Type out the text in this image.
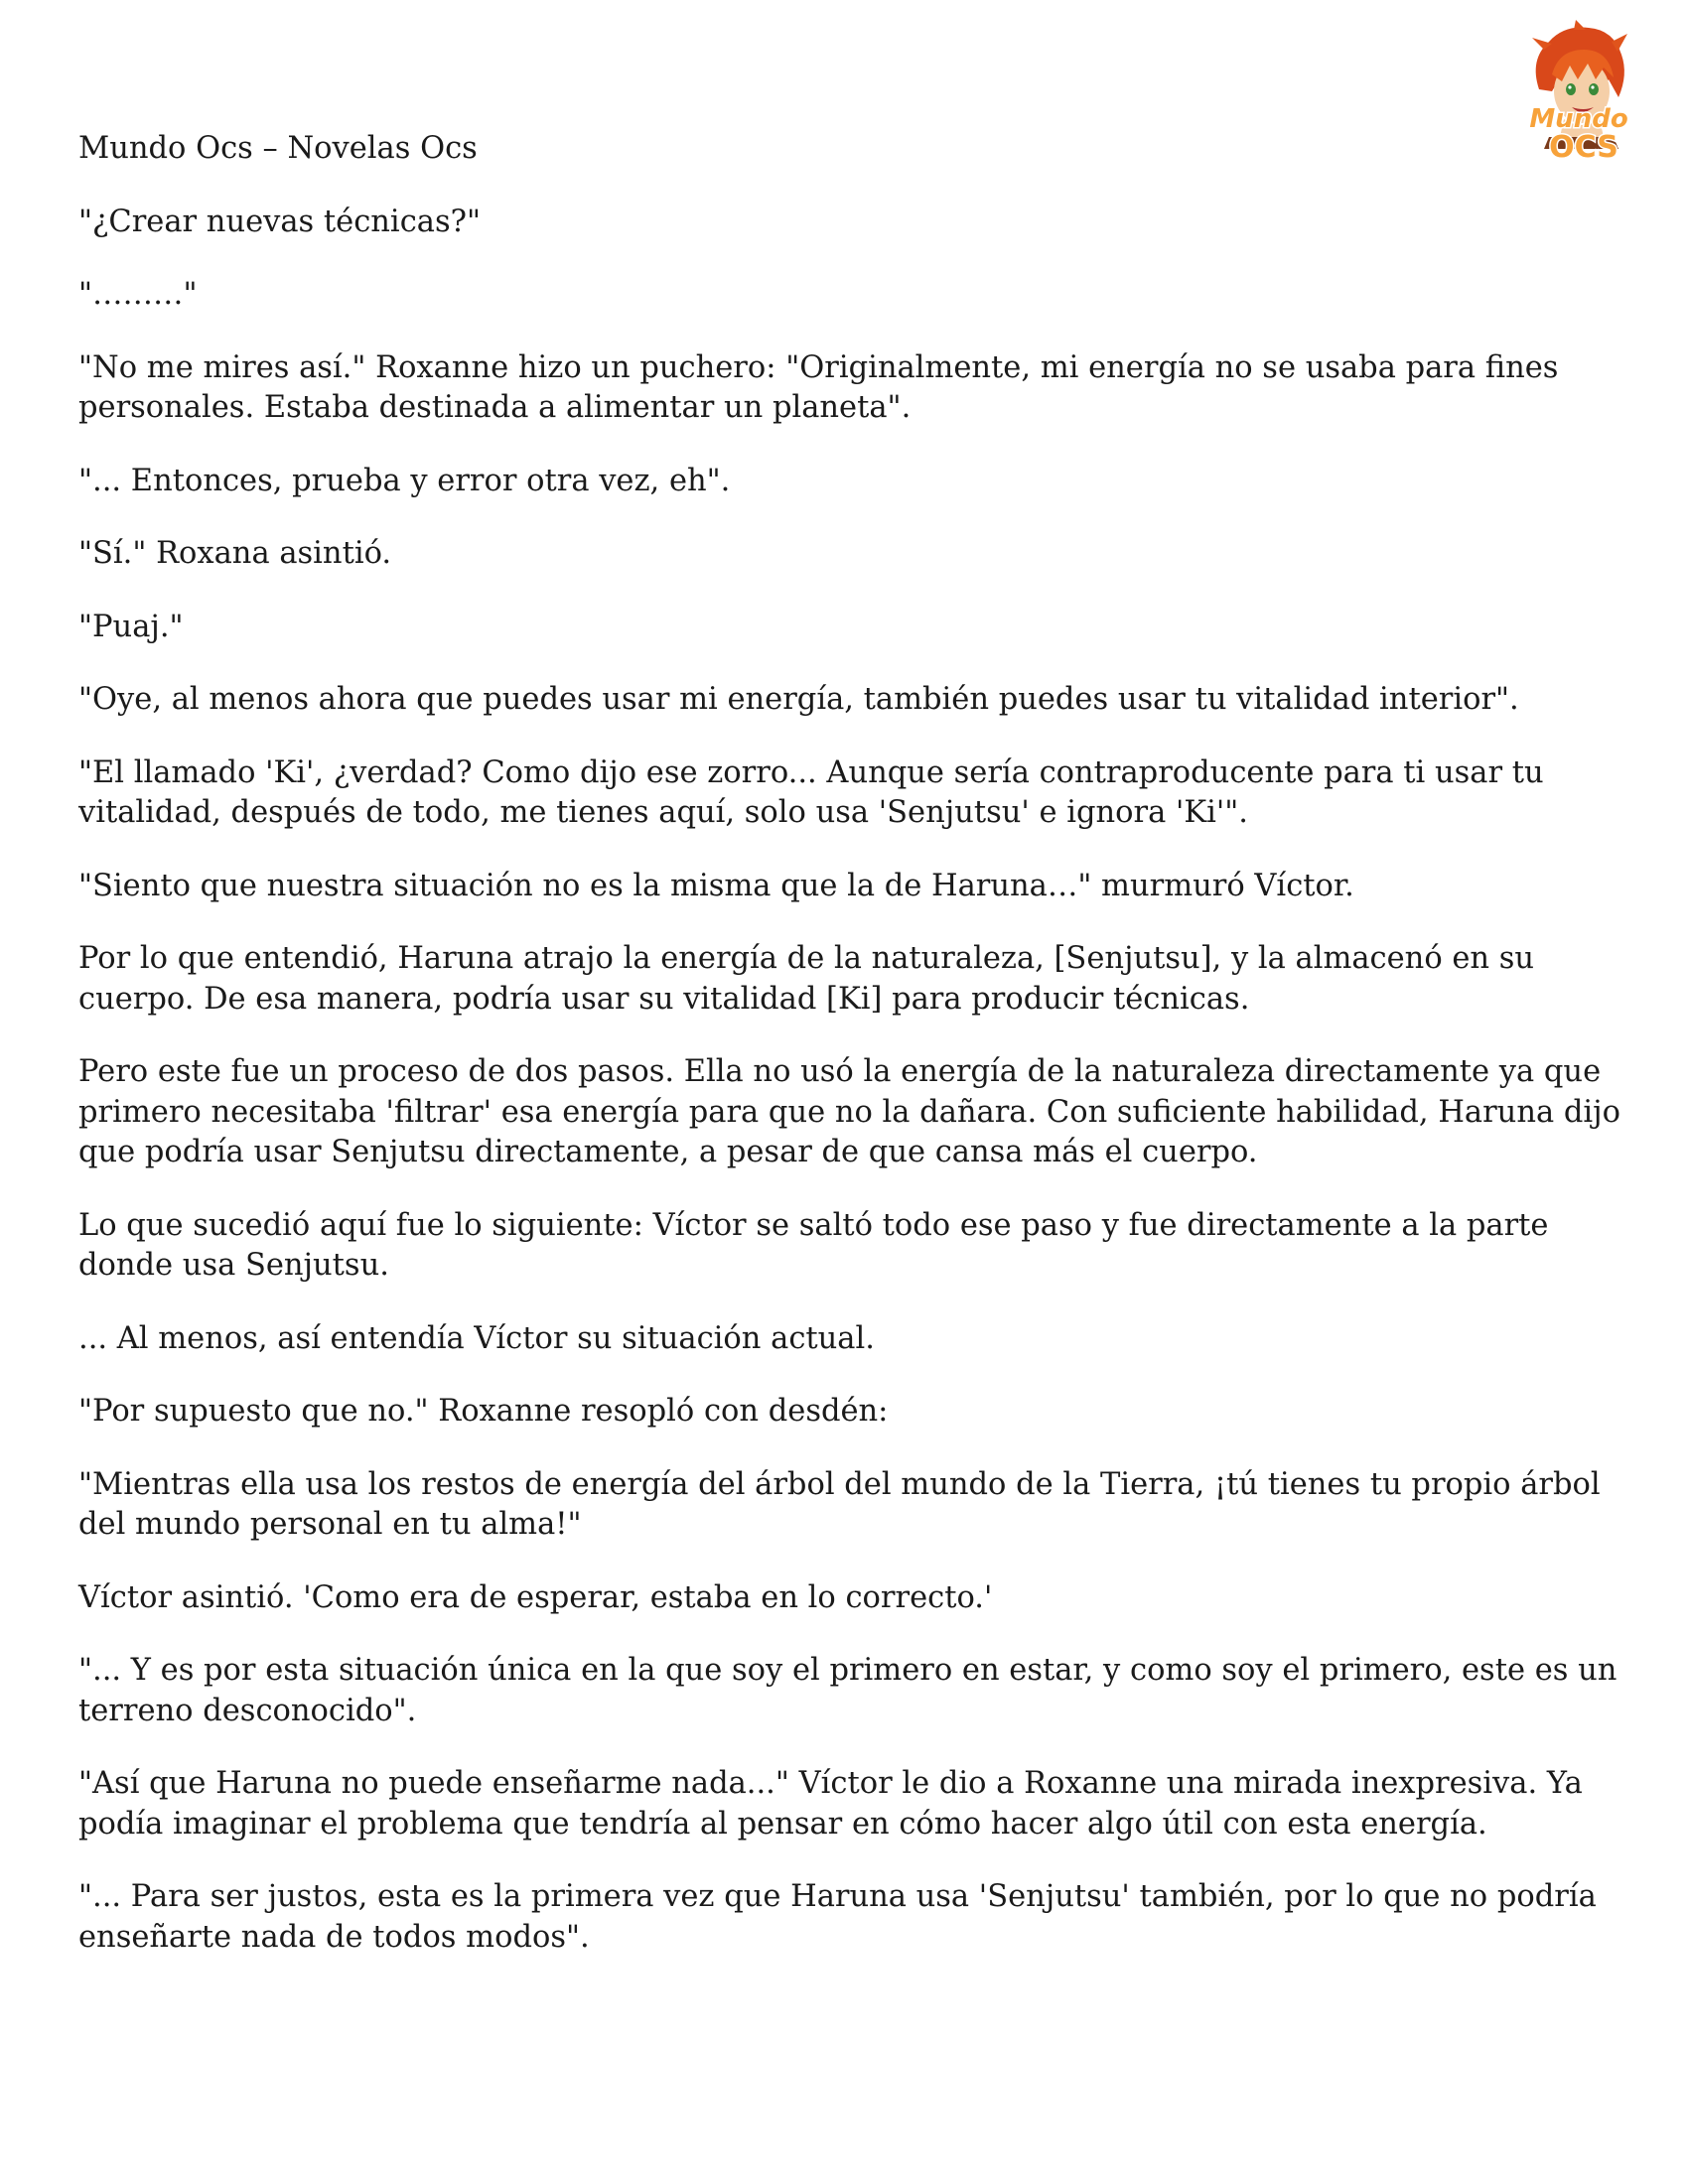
Mundo
OCS

Mundo Ocs – Novelas Ocs

"¿Crear nuevas técnicas?"

"………"

"No me mires así." Roxanne hizo un puchero: "Originalmente, mi energía no se usaba para fines personales. Estaba destinada a alimentar un planeta".

"... Entonces, prueba y error otra vez, eh".

"Sí." Roxana asintió.

"Puaj."

"Oye, al menos ahora que puedes usar mi energía, también puedes usar tu vitalidad interior".

"El llamado 'Ki', ¿verdad? Como dijo ese zorro... Aunque sería contraproducente para ti usar tu vitalidad, después de todo, me tienes aquí, solo usa 'Senjutsu' e ignora 'Ki'".

"Siento que nuestra situación no es la misma que la de Haruna…" murmuró Víctor.

Por lo que entendió, Haruna atrajo la energía de la naturaleza, [Senjutsu], y la almacenó en su cuerpo. De esa manera, podría usar su vitalidad [Ki] para producir técnicas.

Pero este fue un proceso de dos pasos. Ella no usó la energía de la naturaleza directamente ya que primero necesitaba 'filtrar' esa energía para que no la dañara. Con suficiente habilidad, Haruna dijo que podría usar Senjutsu directamente, a pesar de que cansa más el cuerpo.

Lo que sucedió aquí fue lo siguiente: Víctor se saltó todo ese paso y fue directamente a la parte donde usa Senjutsu.

... Al menos, así entendía Víctor su situación actual.

"Por supuesto que no." Roxanne resopló con desdén:

"Mientras ella usa los restos de energía del árbol del mundo de la Tierra, ¡tú tienes tu propio árbol del mundo personal en tu alma!"

Víctor asintió. 'Como era de esperar, estaba en lo correcto.'

"... Y es por esta situación única en la que soy el primero en estar, y como soy el primero, este es un terreno desconocido".

"Así que Haruna no puede enseñarme nada..." Víctor le dio a Roxanne una mirada inexpresiva. Ya podía imaginar el problema que tendría al pensar en cómo hacer algo útil con esta energía.

"... Para ser justos, esta es la primera vez que Haruna usa 'Senjutsu' también, por lo que no podría enseñarte nada de todos modos".
